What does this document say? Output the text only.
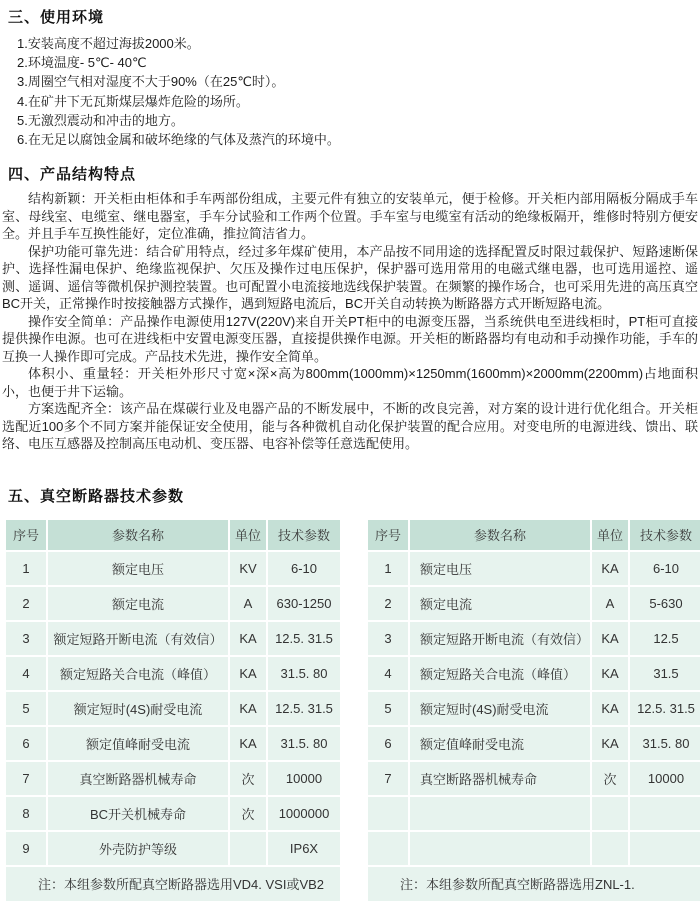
三、使用环境
1.安装高度不超过海拔2000米。
2.环境温度- 5℃- 40℃
3.周圈空气相对湿度不大于90%（在25℃时）。
4.在矿井下无瓦斯煤层爆炸危险的场所。
5.无激烈震动和冲击的地方。
6.在无足以腐蚀金属和破坏绝缘的气体及蒸汽的环境中。
四、产品结构特点
结构新颖：开关柜由柜体和手车两部份组成，主要元件有独立的安装单元，便于检修。开关柜内部用隔板分隔成手车室、母线室、电缆室、继电器室，手车分试验和工作两个位置。手车室与电缆室有活动的绝缘板隔开，维修时特别方便安全。并且手车互换性能好，定位准确，推拉简洁省力。
保护功能可靠先进：结合矿用特点，经过多年煤矿使用，本产品按不同用途的选择配置反时限过载保护、短路速断保护、选择性漏电保护、绝缘监视保护、欠压及操作过电压保护，保护器可选用常用的电磁式继电器，也可选用遥控、遥测、遥调、遥信等微机保护测控装置。也可配置小电流接地选线保护装置。在频繁的操作场合，也可采用先进的高压真空BC开关，正常操作时按接触器方式操作，遇到短路电流后，BC开关自动转换为断路器方式开断短路电流。
操作安全简单：产品操作电源使用127V(220V)来自开关PT柜中的电源变压器，当系统供电至进线柜时，PT柜可直接提供操作电源。也可在进线柜中安置电源变压器，直接提供操作电源。开关柜的断路器均有电动和手动操作功能，手车的互换一人操作即可完成。产品技术先进，操作安全简单。
体积小、重量轻：开关柜外形尺寸宽×深×高为800mm(1000mm)×1250mm(1600mm)×2000mm(2200mm)占地面积小，也便于井下运输。
方案选配齐全：该产品在煤碳行业及电器产品的不断发展中，不断的改良完善，对方案的设计进行优化组合。开关柜选配近100多个不同方案并能保证安全使用，能与各种微机自动化保护装置的配合应用。对变电所的电源进线、馈出、联络、电压互感器及控制高压电动机、变压器、电容补偿等任意选配使用。
五、真空断路器技术参数
序号	参数名称	单位	技术参数
1	额定电压	KV	6-10
2	额定电流	A	630-1250
3	额定短路开断电流（有效信）	KA	12.5. 31.5
4	额定短路关合电流（峰值）	KA	31.5. 80
5	额定短时(4S)耐受电流	KA	12.5. 31.5
6	额定值峰耐受电流	KA	31.5. 80
7	真空断路器机械寿命	次	10000
8	BC开关机械寿命	次	1000000
9	外壳防护等级		IP6X
注：本组参数所配真空断路器选用VD4. VSI或VB2			
序号	参数名称	单位	技术参数
1	额定电压	KA	6-10
2	额定电流	A	5-630
3	额定短路开断电流（有效信）	KA	12.5
4	额定短路关合电流（峰值）	KA	31.5
5	额定短时(4S)耐受电流	KA	12.5. 31.5
6	额定值峰耐受电流	KA	31.5. 80
7	真空断路器机械寿命	次	10000

注：本组参数所配真空断路器选用ZNL-1.			
